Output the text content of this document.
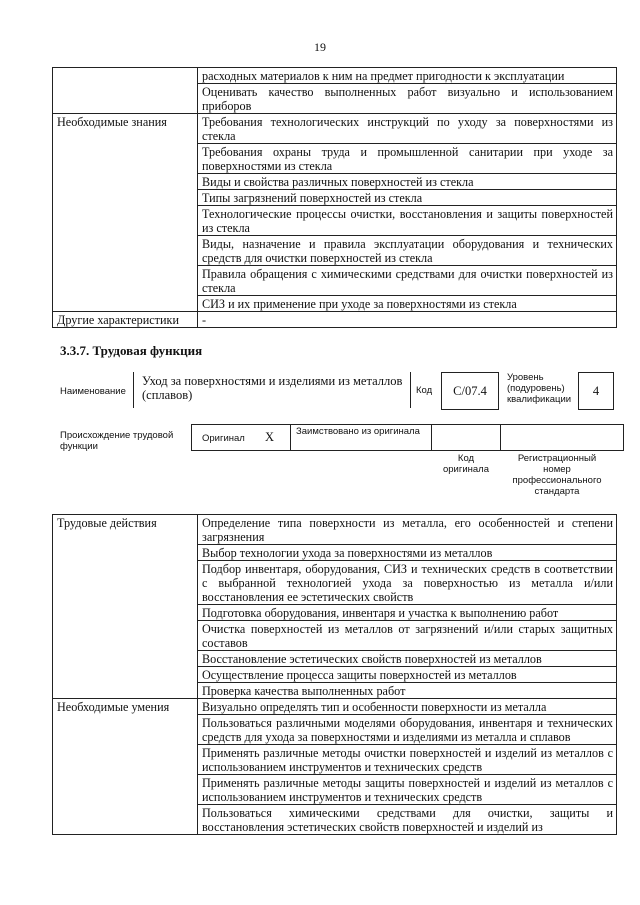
19
	расходных материалов к ним на предмет пригодности к эксплуатации
	Оценивать качество выполненных работ визуально и использованием приборов
Необходимые знания	Требования технологических инструкций по уходу за поверхностями из стекла
	Требования охраны труда и промышленной санитарии при уходе за поверхностями из стекла
	Виды и свойства различных поверхностей из стекла
	Типы загрязнений поверхностей из стекла
	Технологические процессы очистки, восстановления и защиты поверхностей из стекла
	Виды, назначение и правила эксплуатации оборудования и технических средств для очистки поверхностей из стекла
	Правила обращения с химическими средствами для очистки поверхностей из стекла
	СИЗ и их применение при уходе за поверхностями из стекла
Другие характеристики	-
3.3.7. Трудовая функция
Наименование
Уход за поверхностями и изделиями из металлов (сплавов)	Код	C/07.4
Уровень (подуровень) квалификации
4
Происхождение трудовой функции
Оригинал X Заимствовано из оригинала
Код оригинала
Регистрационный номер профессионального стандарта
Трудовые действия	Определение типа поверхности из металла, его особенностей и степени загрязнения
	Выбор технологии ухода за поверхностями из металлов
	Подбор инвентаря, оборудования, СИЗ и технических средств в соответствии с выбранной технологией ухода за поверхностью из металла и/или восстановления ее эстетических свойств
	Подготовка оборудования, инвентаря и участка к выполнению работ
	Очистка поверхностей из металлов от загрязнений и/или старых защитных составов
	Восстановление эстетических свойств поверхностей из металлов
	Осуществление процесса защиты поверхностей из металлов
	Проверка качества выполненных работ
Необходимые умения	Визуально определять тип и особенности поверхности из металла
	Пользоваться различными моделями оборудования, инвентаря и технических средств для ухода за поверхностями и изделиями из металла и сплавов
	Применять различные методы очистки поверхностей и изделий из металлов с использованием инструментов и технических средств
	Применять различные методы защиты поверхностей и изделий из металлов с использованием инструментов и технических средств
	Пользоваться химическими средствами для очистки, защиты и восстановления эстетических свойств поверхностей и изделий из
